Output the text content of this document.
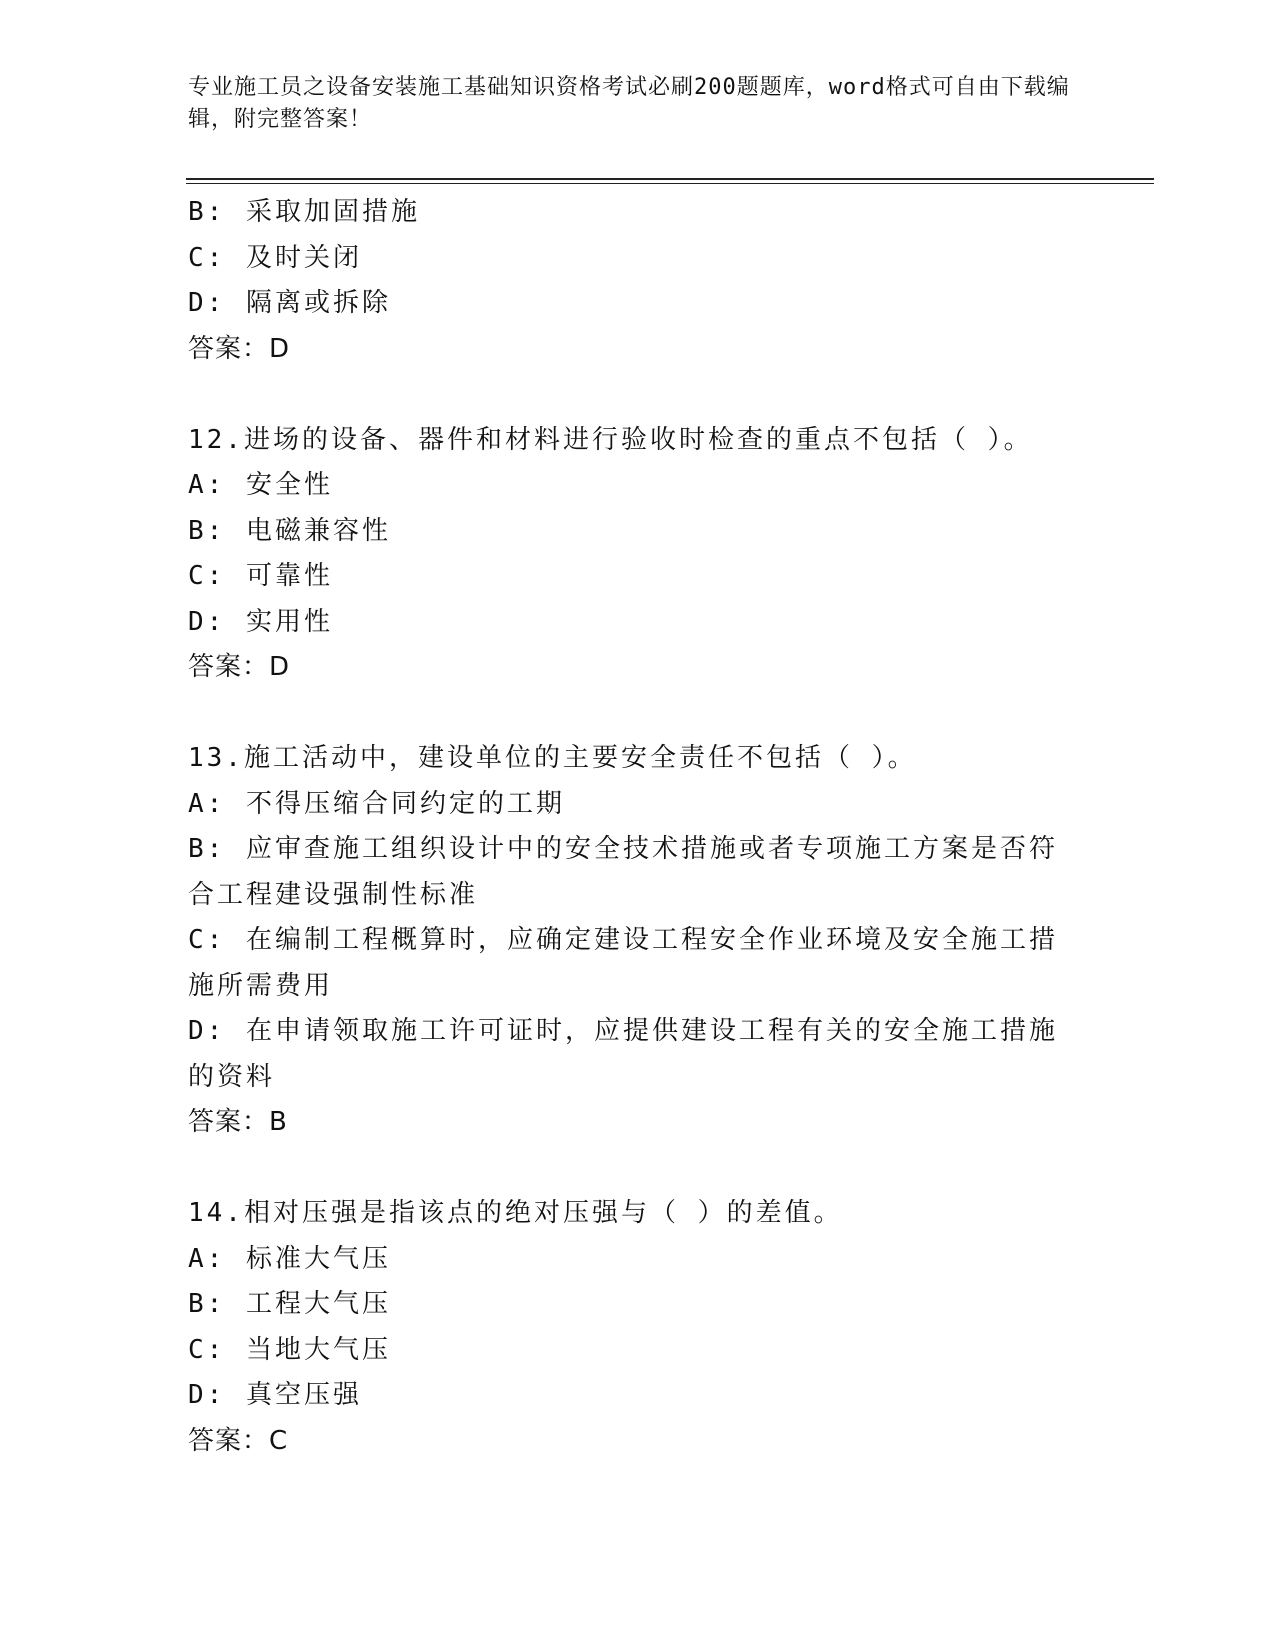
专业施工员之设备安装施工基础知识资格考试必刷200题题库，word格式可自由下载编辑，附完整答案！
B: 采取加固措施
C: 及时关闭
D: 隔离或拆除
答案：D
12.进场的设备、器件和材料进行验收时检查的重点不包括（ ）。
A: 安全性
B: 电磁兼容性
C: 可靠性
D: 实用性
答案：D
13.施工活动中，建设单位的主要安全责任不包括（ ）。
A: 不得压缩合同约定的工期
B: 应审查施工组织设计中的安全技术措施或者专项施工方案是否符合工程建设强制性标准
C: 在编制工程概算时，应确定建设工程安全作业环境及安全施工措施所需费用
D: 在申请领取施工许可证时，应提供建设工程有关的安全施工措施的资料
答案：B
14.相对压强是指该点的绝对压强与（ ）的差值。
A: 标准大气压
B: 工程大气压
C: 当地大气压
D: 真空压强
答案：C
